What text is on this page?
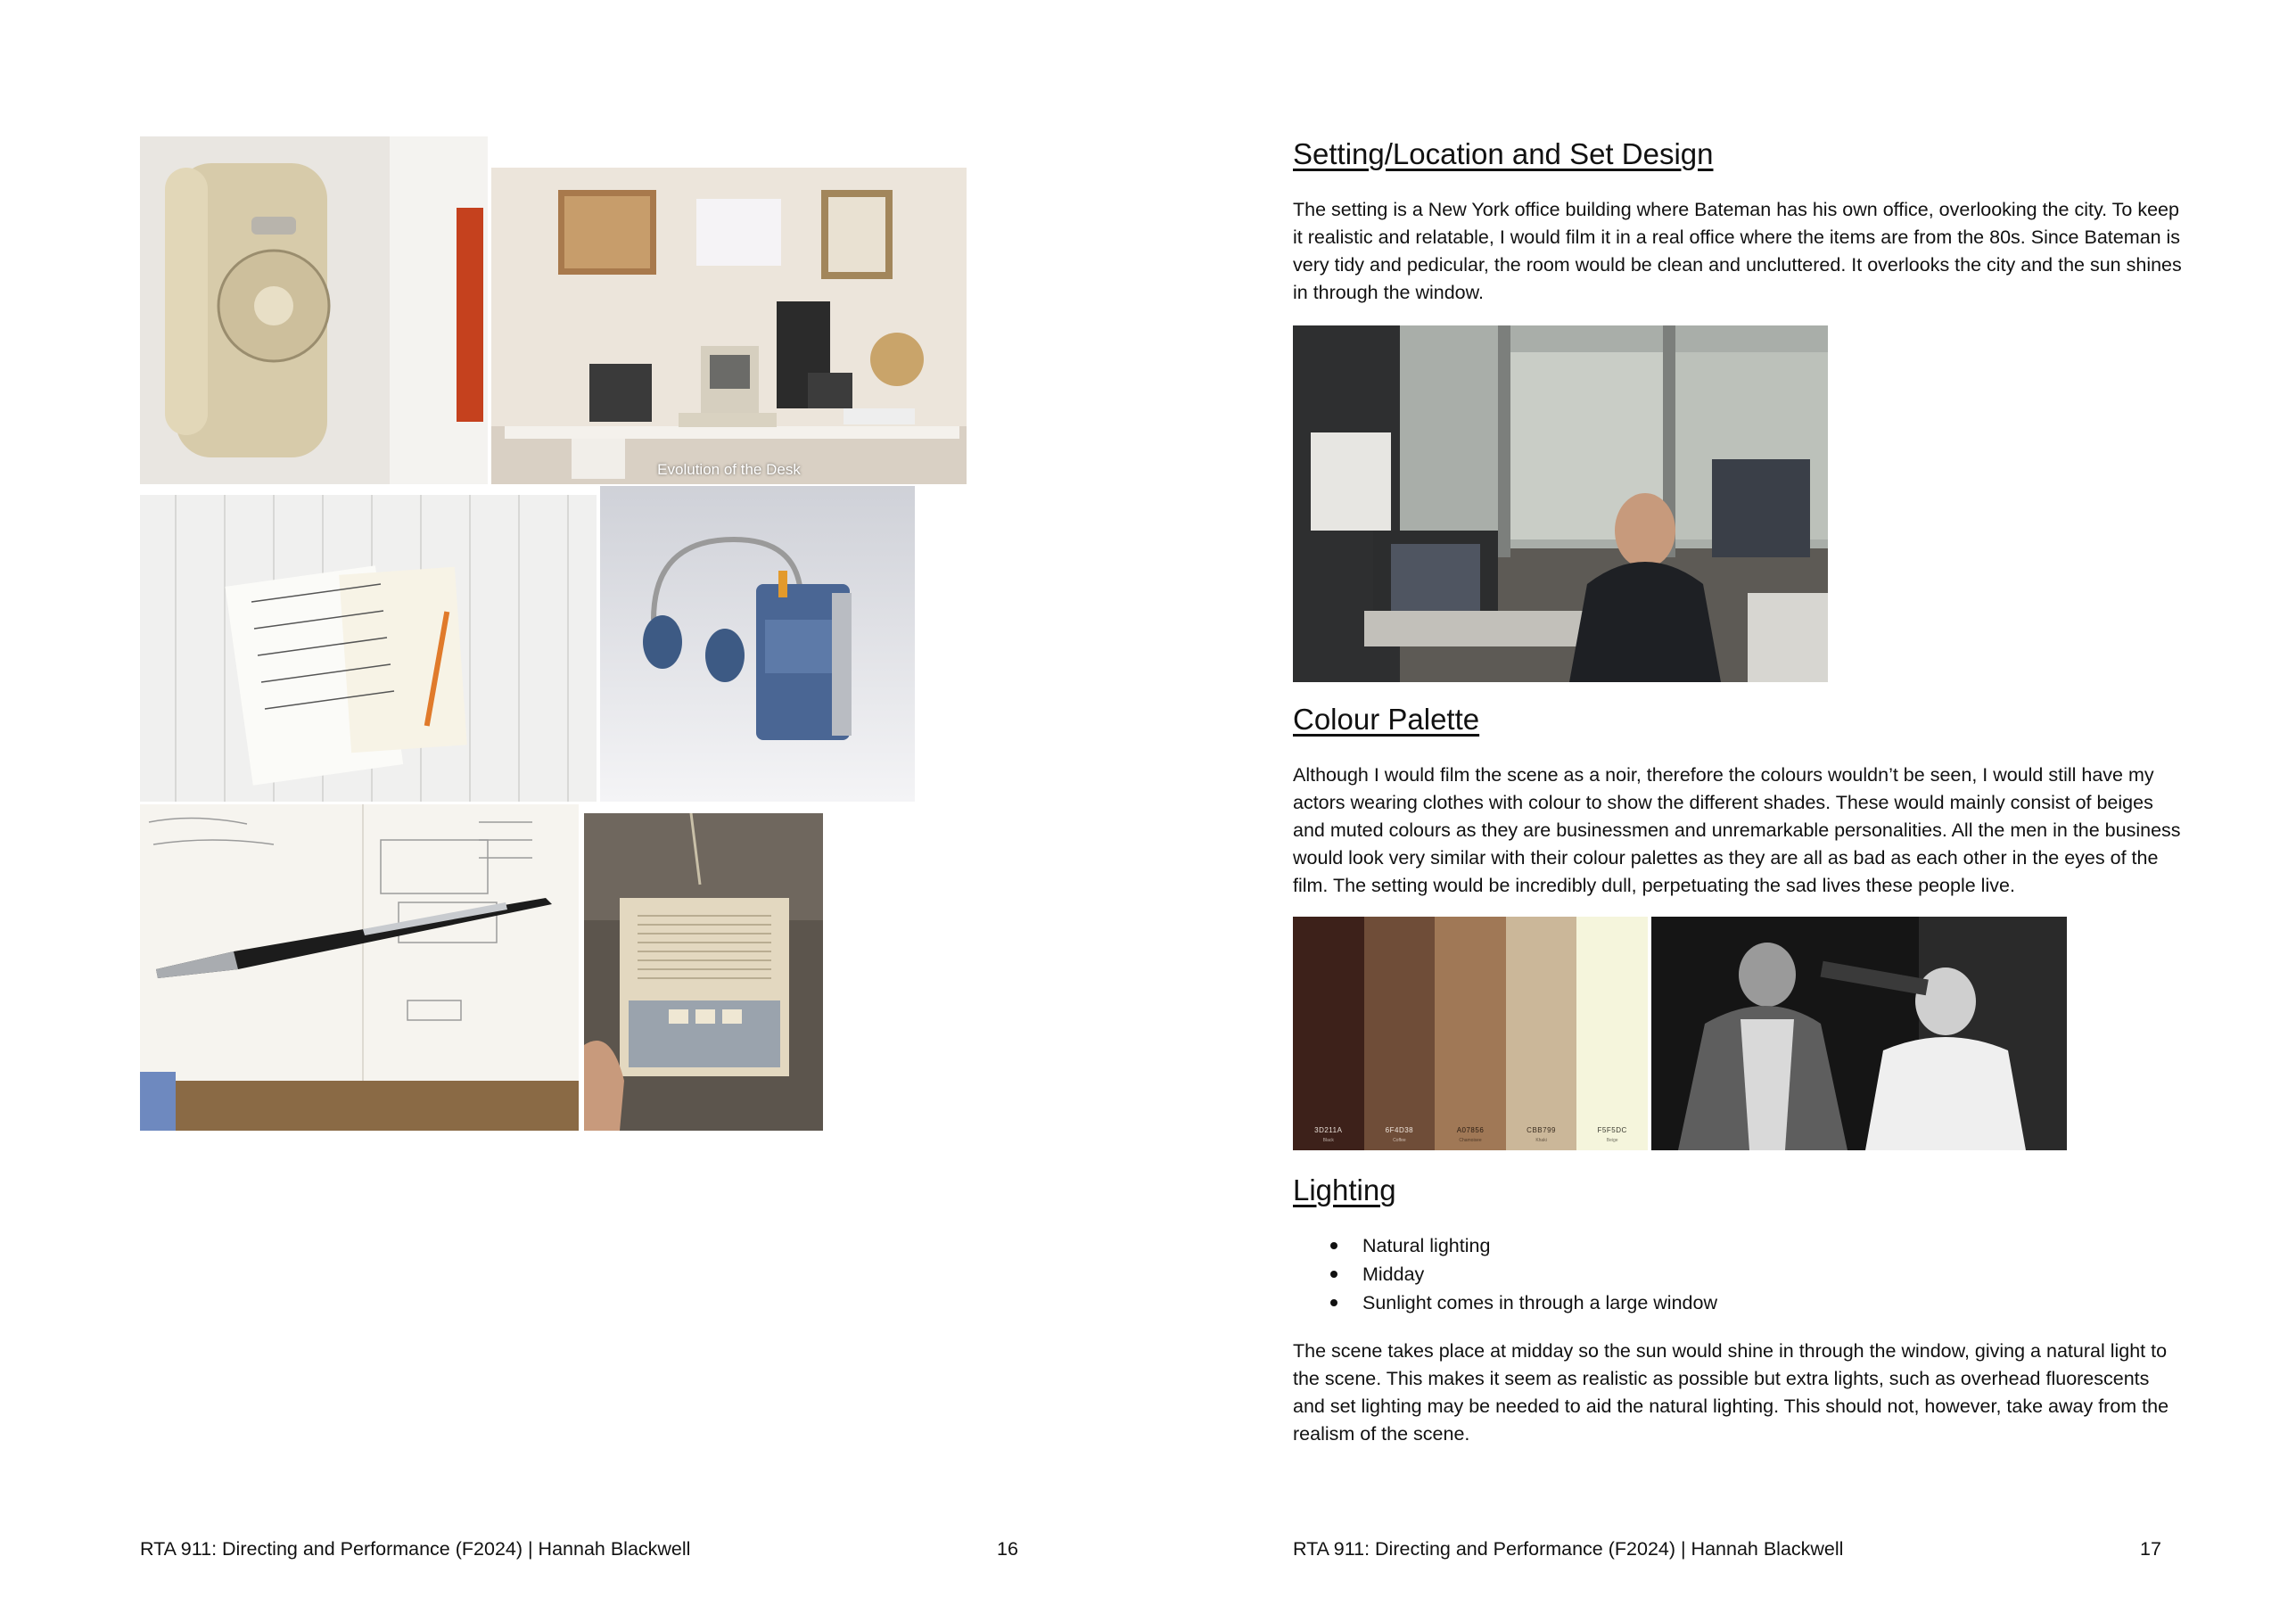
Evolution of the Desk
RTA 911: Directing and Performance (F2024) | Hannah Blackwell	16
Setting/Location and Set Design

The setting is a New York office building where Bateman has his own office, overlooking the city. To keep it realistic and relatable, I would film it in a real office where the items are from the 80s. Since Bateman is very tidy and pedicular, the room would be clean and uncluttered. It overlooks the city and the sun shines in through the window.

Colour Palette

Although I would film the scene as a noir, therefore the colours wouldn’t be seen, I would still have my actors wearing clothes with colour to show the different shades. These would mainly consist of beiges and muted colours as they are businessmen and unremarkable personalities. All the men in the business would look very similar with their colour palettes as they are all as bad as each other in the eyes of the film. The setting would be incredibly dull, perpetuating the sad lives these people live.

3D211A
Black
6F4D38
Coffee
A07856
Chamoisee
CBB799
Khaki
F5F5DC
Beige
Lighting
Natural lighting
Midday
Sunlight comes in through a large window

The scene takes place at midday so the sun would shine in through the window, giving a natural light to the scene. This makes it seem as realistic as possible but extra lights, such as overhead fluorescents and set lighting may be needed to aid the natural lighting. This should not, however, take away from the realism of the scene.

RTA 911: Directing and Performance (F2024) | Hannah Blackwell	17
